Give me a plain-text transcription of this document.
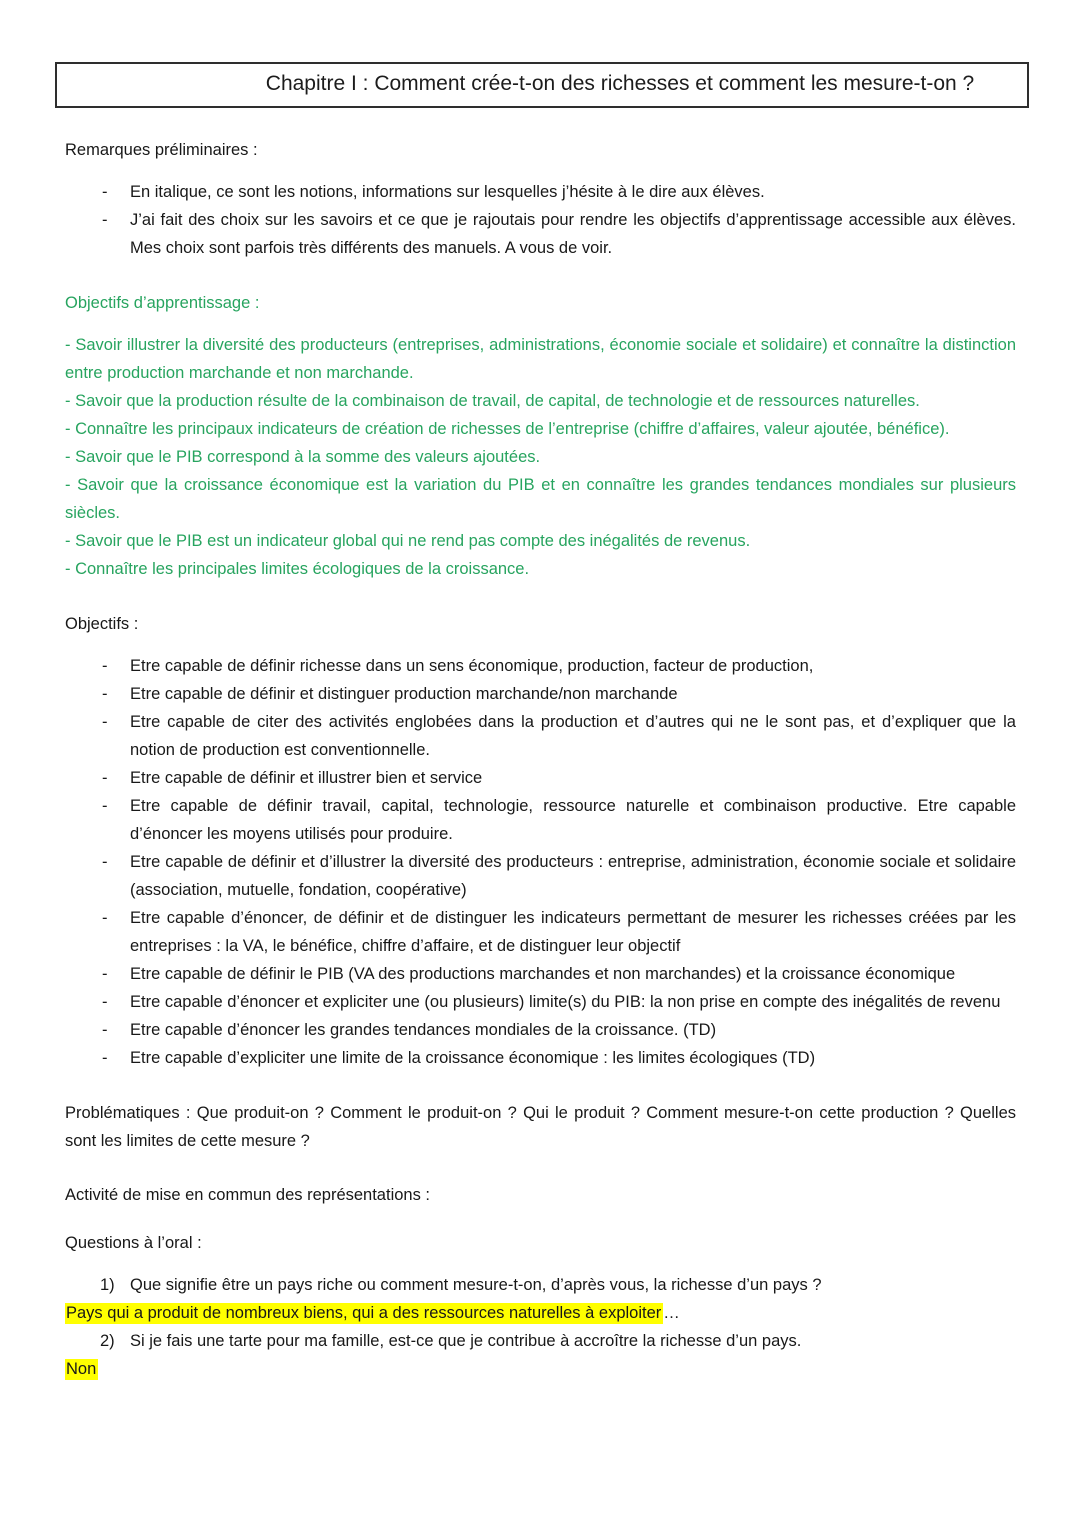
Chapitre I : Comment crée-t-on des richesses et comment les mesure-t-on ?
Remarques préliminaires :
-	En italique, ce sont les notions, informations sur lesquelles j’hésite à le dire aux élèves.
-	J’ai fait des choix sur les savoirs et ce que je rajoutais pour rendre les objectifs d’apprentissage accessible aux élèves. Mes choix sont parfois très différents des manuels. A vous de voir.
Objectifs d’apprentissage :
- Savoir illustrer la diversité des producteurs (entreprises, administrations, économie sociale et solidaire) et connaître la distinction entre production marchande et non marchande.
- Savoir que la production résulte de la combinaison de travail, de capital, de technologie et de ressources naturelles.
- Connaître les principaux indicateurs de création de richesses de l’entreprise (chiffre d’affaires, valeur ajoutée, bénéfice).
- Savoir que le PIB correspond à la somme des valeurs ajoutées.
- Savoir que la croissance économique est la variation du PIB et en connaître les grandes tendances mondiales sur plusieurs siècles.
- Savoir que le PIB est un indicateur global qui ne rend pas compte des inégalités de revenus.
- Connaître les principales limites écologiques de la croissance.
Objectifs :
-	Etre capable de définir richesse dans un sens économique, production, facteur de production,
-	Etre capable de définir et distinguer production marchande/non marchande
-	Etre capable de citer des activités englobées dans la production et d’autres qui ne le sont pas, et d’expliquer que la notion de production est conventionnelle.
-	Etre capable de définir et illustrer bien et service
-	Etre capable de définir travail, capital, technologie, ressource naturelle et combinaison productive. Etre capable d’énoncer les moyens utilisés pour produire.
-	Etre capable de définir et d’illustrer la diversité des producteurs : entreprise, administration, économie sociale et solidaire (association, mutuelle, fondation, coopérative)
-	Etre capable d’énoncer, de définir et de distinguer les indicateurs permettant de mesurer les richesses créées par les entreprises : la VA, le bénéfice, chiffre d’affaire, et de distinguer leur objectif
-	Etre capable de définir le PIB (VA des productions marchandes et non marchandes) et la croissance économique
-	Etre capable d’énoncer et expliciter une (ou plusieurs) limite(s) du PIB: la non prise en compte des inégalités de revenu
-	Etre capable d’énoncer les grandes tendances mondiales de la croissance. (TD)
-	Etre capable d’expliciter une limite de la croissance économique : les limites écologiques (TD)
Problématiques : Que produit-on ? Comment le produit-on ? Qui le produit ? Comment mesure-t-on cette production ? Quelles sont les limites de cette mesure ?
Activité de mise en commun des représentations :
Questions à l’oral :
1) Que signifie être un pays riche ou comment mesure-t-on, d’après vous, la richesse d’un pays ?
Pays qui a produit de nombreux biens, qui a des ressources naturelles à exploiter …
2) Si je fais une tarte pour ma famille, est-ce que je contribue à accroître la richesse d’un pays.
Non
